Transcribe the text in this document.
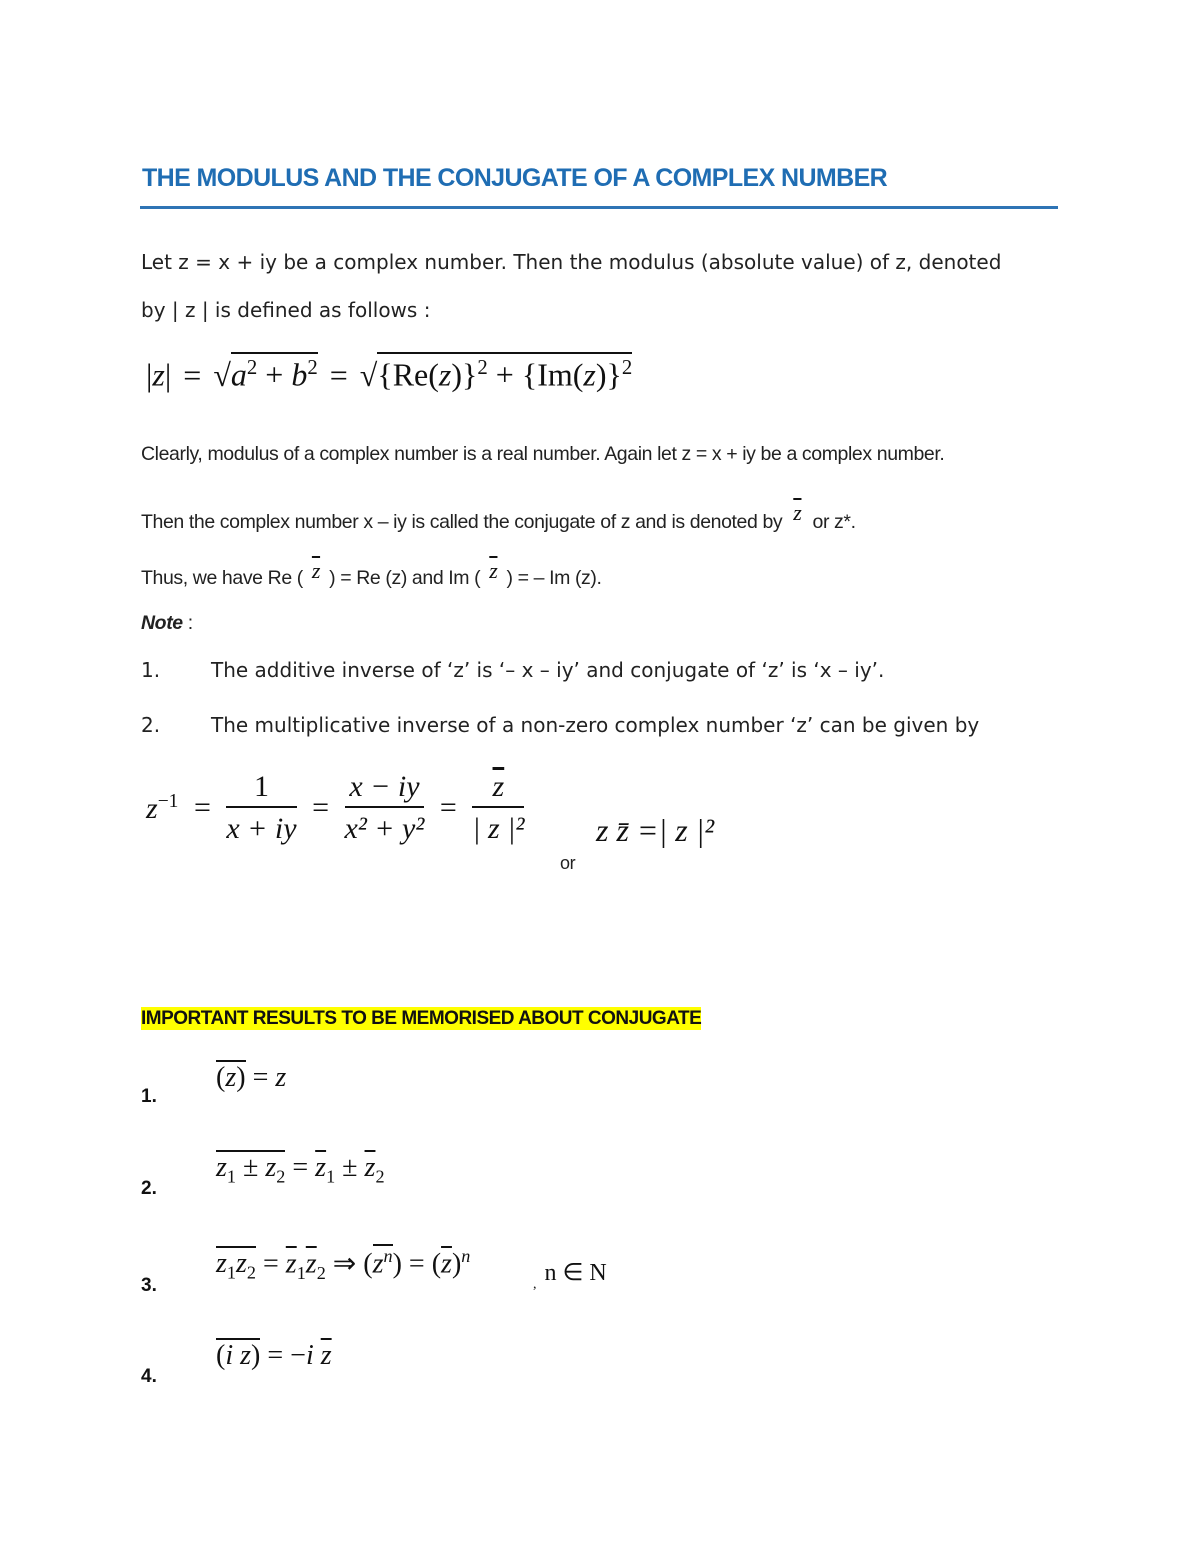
THE MODULUS AND THE CONJUGATE OF A COMPLEX NUMBER
Let z = x + iy be a complex number. Then the modulus (absolute value) of z, denoted
by | z | is defined as follows :
$|z| = √a^2 + b^2 = √\{Re(z)\}^2 + \{Im(z)\}^2$
Clearly, modulus of a complex number is a real number. Again let z = x + iy be a complex number.
Then the complex number x – iy is called the conjugate of z and is denoted by $\overline{z}$ or z*.
Thus, we have Re ( $\overline{z}$ ) = Re (z) and Im ( $\overline{z}$ ) = – Im (z).
Note :
1.	The additive inverse of ‘z’ is ‘– x – iy’ and conjugate of ‘z’ is ‘x – iy’.
2.	The multiplicative inverse of a non-zero complex number ‘z’ can be given by
$z^{-1} = \frac{1}{x + iy} = \frac{x - iy}{\text{x² + y²}} = \frac{\overline{z}}{\text{| z |²}}$
or
z z̄ =| z |²
IMPORTANT RESULTS TO BE MEMORISED ABOUT CONJUGATE
1.
$(\overline{z}) = z$
2.
$z_1 \pm z_2 = \overline{z}_1 \pm \overline{z}_2$
3.
$z_1z_2 = \overline{z}_1\overline{z}_2$ ⇒ $(z^n) = (\overline{z})^n$
$_,$ n ∈ N
4.
(i z) = −i $\overline{z}$
